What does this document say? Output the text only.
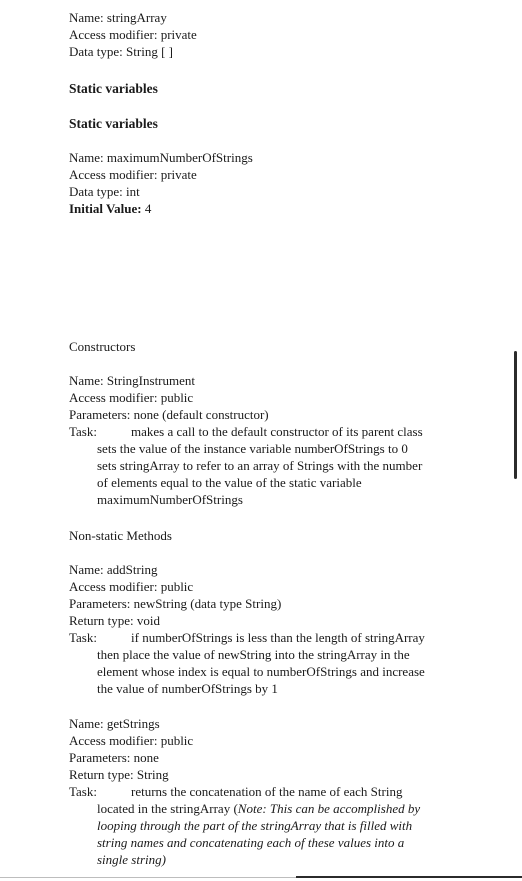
Name: stringArray
Access modifier: private
Data type: String [ ]
Static variables
Static variables
Name: maximumNumberOfStrings
Access modifier: private
Data type: int
Initial Value: 4
Constructors
Name: StringInstrument
Access modifier: public
Parameters: none (default constructor)
Task:	makes a call to the default constructor of its parent class
sets the value of the instance variable numberOfStrings to 0
sets stringArray to refer to an array of Strings with the number
of elements equal to the value of the static variable
maximumNumberOfStrings
Non-static Methods
Name: addString
Access modifier: public
Parameters: newString (data type String)
Return type: void
Task:	if numberOfStrings is less than the length of stringArray
then place the value of newString into the stringArray in the
element whose index is equal to numberOfStrings and increase
the value of numberOfStrings by 1
Name: getStrings
Access modifier: public
Parameters: none
Return type: String
Task:	returns the concatenation of the name of each String
located in the stringArray (Note: This can be accomplished by
looping through the part of the stringArray that is filled with
string names and concatenating each of these values into a
single string)
